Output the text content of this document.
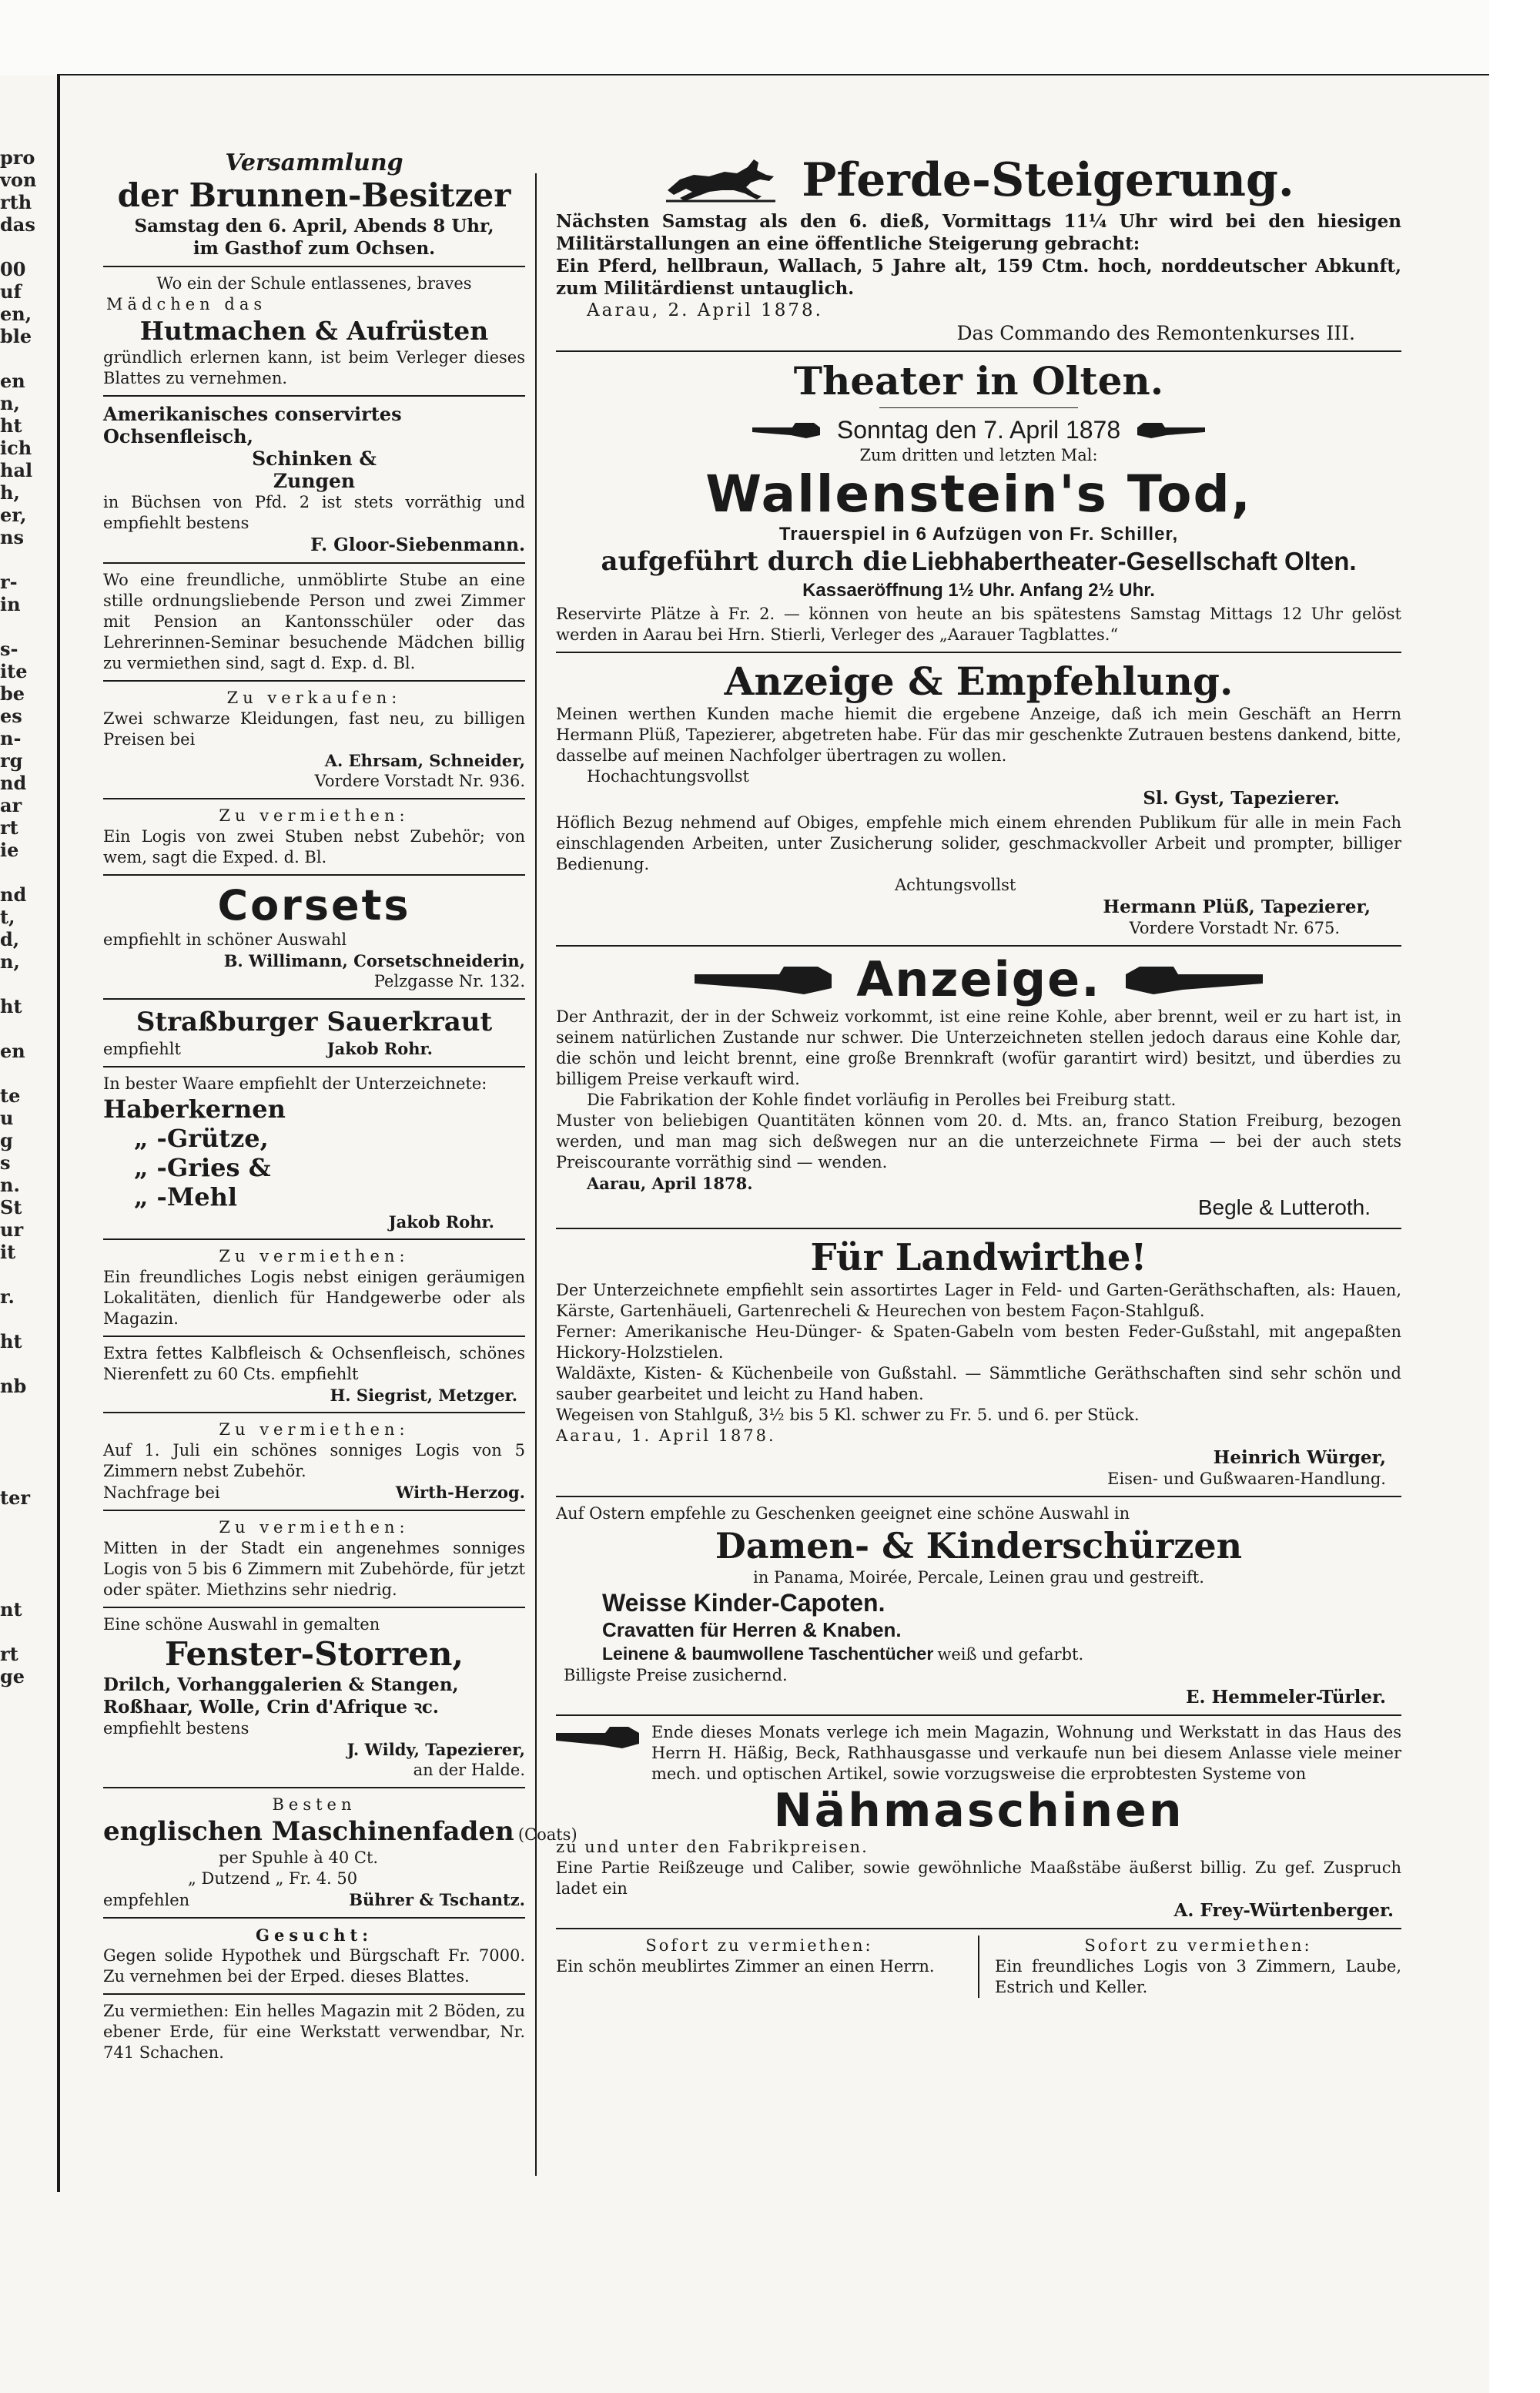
pro
von
rth
das
00
uf
en,
ble
en
n,
ht
ich
hal
h,
er,
ns
r-
in
s-
ite
be
es
n-
rg
nd
ar
rt
ie
nd
t,
d,
n,
ht
en
te
u
g
s
n.
St
ur
it
r.
ht
nb
ter
nt
rt
ge
Versammlung
der Brunnen-Besitzer
Samstag den 6. April, Abends 8 Uhr,
im Gasthof zum Ochsen.
Wo ein der Schule entlassenes, braves
Mädchen das
Hutmachen & Aufrüsten
gründlich erlernen kann, ist beim Verleger dieses Blattes zu vernehmen.
Amerikanisches conservirtes Ochsenfleisch,
Schinken &
Zungen
in Büchsen von Pfd. 2 ist stets vorräthig und empfiehlt bestens
F. Gloor-Siebenmann.
Wo eine freundliche, unmöblirte Stube an eine stille ordnungsliebende Person und zwei Zimmer mit Pension an Kantonsschüler oder das Lehrerinnen-Seminar besuchende Mädchen billig zu vermiethen sind, sagt d. Exp. d. Bl.
Zu verkaufen:
Zwei schwarze Kleidungen, fast neu, zu billigen Preisen bei
A. Ehrsam, Schneider,
Vordere Vorstadt Nr. 936.
Zu vermiethen:
Ein Logis von zwei Stuben nebst Zubehör; von wem, sagt die Exped. d. Bl.
Corsets
empfiehlt in schöner Auswahl
B. Willimann, Corsetschneiderin,
Pelzgasse Nr. 132.
Straßburger Sauerkraut
empfiehlt	Jakob Rohr.
In bester Waare empfiehlt der Unterzeichnete:
Haberkernen
„ -Grütze,
„ -Gries &
„ -Mehl
Jakob Rohr.
Zu vermiethen:
Ein freundliches Logis nebst einigen geräumigen Lokalitäten, dienlich für Handgewerbe oder als Magazin.
Extra fettes Kalbfleisch & Ochsenfleisch, schönes Nierenfett zu 60 Cts. empfiehlt
H. Siegrist, Metzger.
Zu vermiethen:
Auf 1. Juli ein schönes sonniges Logis von 5 Zimmern nebst Zubehör.
Nachfrage bei	Wirth-Herzog.
Zu vermiethen:
Mitten in der Stadt ein angenehmes sonniges Logis von 5 bis 6 Zimmern mit Zubehörde, für jetzt oder später. Miethzins sehr niedrig.
Eine schöne Auswahl in gemalten
Fenster-Storren,
Drilch, Vorhanggalerien & Stangen,
Roßhaar, Wolle, Crin d'Afrique ꝛc.
empfiehlt bestens
J. Wildy, Tapezierer,
an der Halde.
Besten
englischen Maschinenfaden (Coats)
per Spuhle à 40 Ct.
„ Dutzend „ Fr. 4. 50
empfehlen	Bührer & Tschantz.
Gesucht:
Gegen solide Hypothek und Bürgschaft Fr. 7000. Zu vernehmen bei der Erped. dieses Blattes.
Zu vermiethen: Ein helles Magazin mit 2 Böden, zu ebener Erde, für eine Werkstatt verwendbar, Nr. 741 Schachen.
Pferde-Steigerung.
Nächsten Samstag als den 6. dieß, Vormittags 11¼ Uhr wird bei den hiesigen Militärstallungen an eine öffentliche Steigerung gebracht:
Ein Pferd, hellbraun, Wallach, 5 Jahre alt, 159 Ctm. hoch, norddeutscher Abkunft, zum Militärdienst untauglich.
Aarau, 2. April 1878.
Das Commando des Remontenkurses III.
Theater in Olten.
Sonntag den 7. April 1878
Zum dritten und letzten Mal:
Wallenstein's Tod,
Trauerspiel in 6 Aufzügen von Fr. Schiller,
aufgeführt durch die Liebhabertheater-Gesellschaft Olten.
Kassaeröffnung 1½ Uhr. Anfang 2½ Uhr.
Reservirte Plätze à Fr. 2. — können von heute an bis spätestens Samstag Mittags 12 Uhr gelöst werden in Aarau bei Hrn. Stierli, Verleger des „Aarauer Tagblattes.“
Anzeige & Empfehlung.
Meinen werthen Kunden mache hiemit die ergebene Anzeige, daß ich mein Geschäft an Herrn Hermann Plüß, Tapezierer, abgetreten habe. Für das mir geschenkte Zutrauen bestens dankend, bitte, dasselbe auf meinen Nachfolger übertragen zu wollen.
Hochachtungsvollst
Sl. Gyst, Tapezierer.
Höflich Bezug nehmend auf Obiges, empfehle mich einem ehrenden Publikum für alle in mein Fach einschlagenden Arbeiten, unter Zusicherung solider, geschmackvoller Arbeit und prompter, billiger Bedienung.
Achtungsvollst
Hermann Plüß, Tapezierer,
Vordere Vorstadt Nr. 675.
Anzeige.
Der Anthrazit, der in der Schweiz vorkommt, ist eine reine Kohle, aber brennt, weil er zu hart ist, in seinem natürlichen Zustande nur schwer. Die Unterzeichneten stellen jedoch daraus eine Kohle dar, die schön und leicht brennt, eine große Brennkraft (wofür garantirt wird) besitzt, und überdies zu billigem Preise verkauft wird.
Die Fabrikation der Kohle findet vorläufig in Perolles bei Freiburg statt.
Muster von beliebigen Quantitäten können vom 20. d. Mts. an, franco Station Freiburg, bezogen werden, und man mag sich deßwegen nur an die unterzeichnete Firma — bei der auch stets Preiscourante vorräthig sind — wenden.
Aarau, April 1878.
Begle & Lutteroth.
Für Landwirthe!
Der Unterzeichnete empfiehlt sein assortirtes Lager in Feld- und Garten-Geräthschaften, als: Hauen, Kärste, Gartenhäueli, Gartenrecheli & Heurechen von bestem Façon-Stahlguß.
Ferner: Amerikanische Heu-Dünger- & Spaten-Gabeln vom besten Feder-Gußstahl, mit angepaßten Hickory-Holzstielen.
Waldäxte, Kisten- & Küchenbeile von Gußstahl. — Sämmtliche Geräthschaften sind sehr schön und sauber gearbeitet und leicht zu Hand haben.
Wegeisen von Stahlguß, 3½ bis 5 Kl. schwer zu Fr. 5. und 6. per Stück.
Aarau, 1. April 1878.
Heinrich Würger,
Eisen- und Gußwaaren-Handlung.
Auf Ostern empfehle zu Geschenken geeignet eine schöne Auswahl in
Damen- & Kinderschürzen
in Panama, Moirée, Percale, Leinen grau und gestreift.
Weisse Kinder-Capoten.
Cravatten für Herren & Knaben.
Leinene & baumwollene Taschentücher weiß und gefarbt.
Billigste Preise zusichernd.
E. Hemmeler-Türler.
Ende dieses Monats verlege ich mein Magazin, Wohnung und Werkstatt in das Haus des Herrn H. Häßig, Beck, Rathhausgasse und verkaufe nun bei diesem Anlasse viele meiner mech. und optischen Artikel, sowie vorzugsweise die erprobtesten Systeme von
Nähmaschinen
zu und unter den Fabrikpreisen.
Eine Partie Reißzeuge und Caliber, sowie gewöhnliche Maaßstäbe äußerst billig. Zu gef. Zuspruch ladet ein
A. Frey-Würtenberger.
Sofort zu vermiethen:
Ein schön meublirtes Zimmer an einen Herrn.
Sofort zu vermiethen:
Ein freundliches Logis von 3 Zimmern, Laube, Estrich und Keller.
